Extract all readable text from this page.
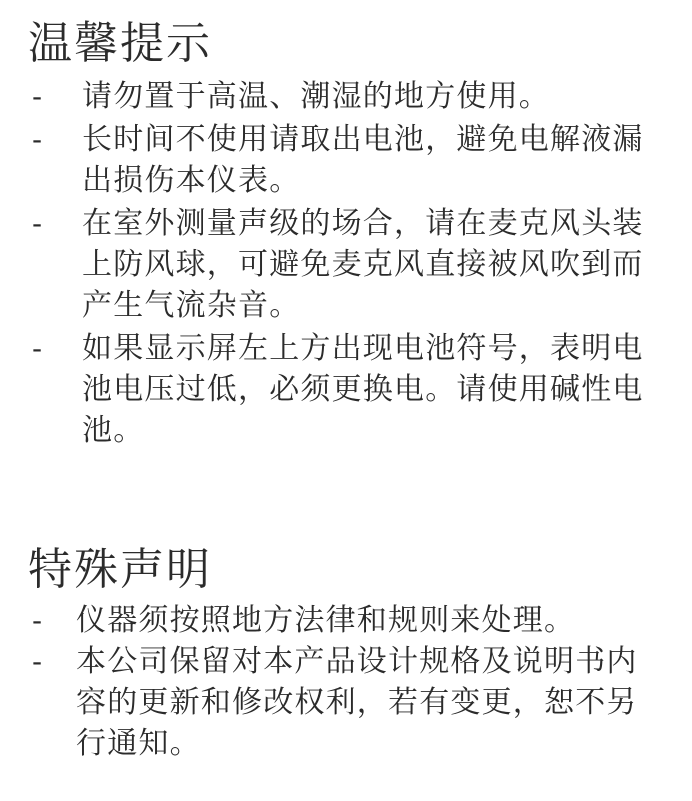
温馨提示
- 请勿置于高温、潮湿的地方使用。
- 长时间不使用请取出电池，避免电解液漏出损伤本仪表。
- 在室外测量声级的场合，请在麦克风头装上防风球，可避免麦克风直接被风吹到而产生气流杂音。
- 如果显示屏左上方出现电池符号，表明电池电压过低，必须更换电。请使用碱性电池。
特殊声明
- 仪器须按照地方法律和规则来处理。
- 本公司保留对本产品设计规格及说明书内容的更新和修改权利，若有变更，恕不另行通知。
